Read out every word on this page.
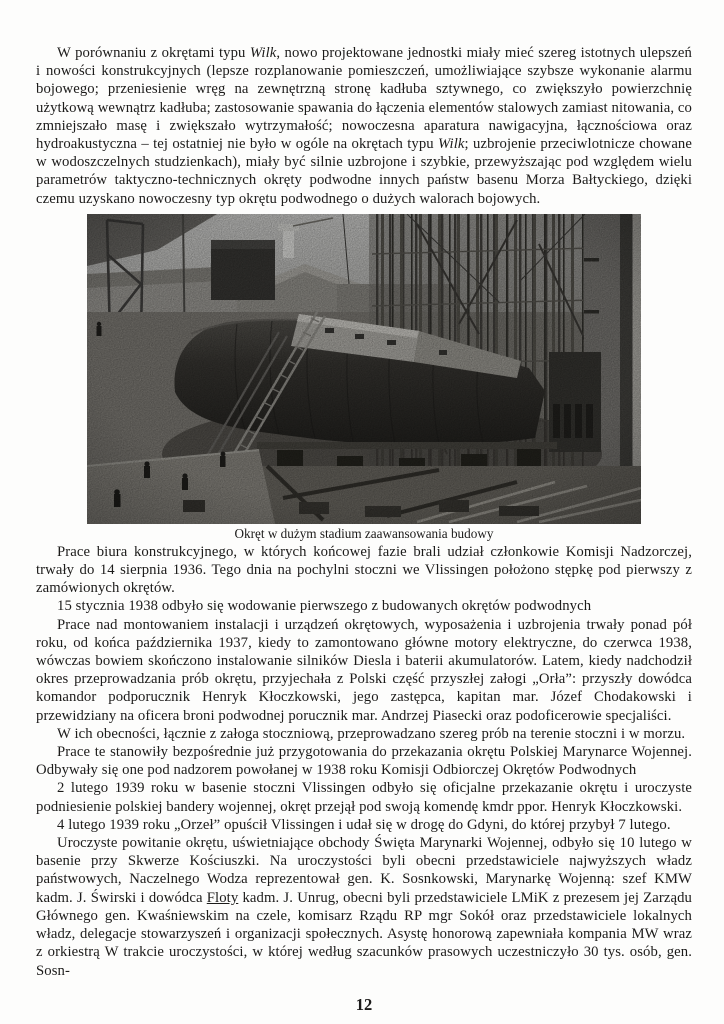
W porównaniu z okrętami typu Wilk, nowo projektowane jednostki miały mieć szereg istotnych ulepszeń i nowości konstrukcyjnych (lepsze rozplanowanie pomieszczeń, umożliwiające szybsze wykonanie alarmu bojowego; przeniesienie wręg na zewnętrzną stronę kadłuba sztywnego, co zwiększyło powierzchnię użytkową wewnątrz kadłuba; zastosowanie spawania do łączenia elementów stalowych zamiast nitowania, co zmniejszało masę i zwiększało wytrzymałość; nowoczesna aparatura nawigacyjna, łącznościowa oraz hydroakustyczna – tej ostatniej nie było w ogóle na okrętach typu Wilk; uzbrojenie przeciwlotnicze chowane w wodoszczelnych studzienkach), miały być silnie uzbrojone i szybkie, przewyższając pod względem wielu parametrów taktyczno-technicznych okręty podwodne innych państw basenu Morza Bałtyckiego, dzięki czemu uzyskano nowoczesny typ okrętu podwodnego o dużych walorach bojowych.

Okręt w dużym stadium zaawansowania budowy

Prace biura konstrukcyjnego, w których końcowej fazie brali udział członkowie Komisji Nadzorczej, trwały do 14 sierpnia 1936. Tego dnia na pochylni stoczni we Vlissingen położono stępkę pod pierwszy z zamówionych okrętów.

15 stycznia 1938 odbyło się wodowanie pierwszego z budowanych okrętów podwodnych

Prace nad montowaniem instalacji i urządzeń okrętowych, wyposażenia i uzbrojenia trwały ponad pół roku, od końca października 1937, kiedy to zamontowano główne motory elektryczne, do czerwca 1938, wówczas bowiem skończono instalowanie silników Diesla i baterii akumulatorów. Latem, kiedy nadchodził okres przeprowadzania prób okrętu, przyjechała z Polski część przyszłej załogi „Orła”: przyszły dowódca komandor podporucznik Henryk Kłoczkowski, jego zastępca, kapitan mar. Józef Chodakowski i przewidziany na oficera broni podwodnej porucznik mar. Andrzej Piasecki oraz podoficerowie specjaliści.

W ich obecności, łącznie z załoga stoczniową, przeprowadzano szereg prób na terenie stoczni i w morzu.

Prace te stanowiły bezpośrednie już przygotowania do przekazania okrętu Polskiej Marynarce Wojennej. Odbywały się one pod nadzorem powołanej w 1938 roku Komisji Odbiorczej Okrętów Podwodnych

2 lutego 1939 roku w basenie stoczni Vlissingen odbyło się oficjalne przekazanie okrętu i uroczyste podniesienie polskiej bandery wojennej, okręt przejął pod swoją komendę kmdr ppor. Henryk Kłoczkowski.

4 lutego 1939 roku „Orzeł” opuścił Vlissingen i udał się w drogę do Gdyni, do której przybył 7 lutego.

Uroczyste powitanie okrętu, uświetniające obchody Święta Marynarki Wojennej, odbyło się 10 lutego w basenie przy Skwerze Kościuszki. Na uroczystości byli obecni przedstawiciele najwyższych władz państwowych, Naczelnego Wodza reprezentował gen. K. Sosnkowski, Marynarkę Wojenną: szef KMW kadm. J. Świrski i dowódca Floty kadm. J. Unrug, obecni byli przedstawiciele LMiK z prezesem jej Zarządu Głównego gen. Kwaśniewskim na czele, komisarz Rządu RP mgr Sokół oraz przedstawiciele lokalnych władz, delegacje stowarzyszeń i organizacji społecznych. Asystę honorową zapewniała kompania MW wraz z orkiestrą W trakcie uroczystości, w której według szacunków prasowych uczestniczyło 30 tys. osób, gen. Sosn-

12
